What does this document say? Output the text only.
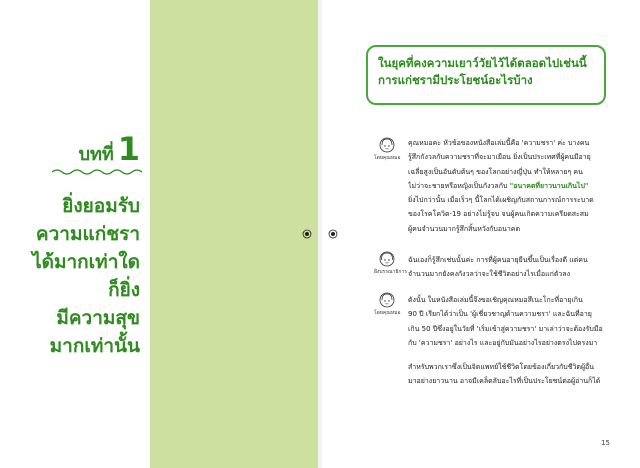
บทที่ 1
ยิ่งยอมรับ
ความแก่ชรา
ได้มากเท่าใด
ก็ยิ่ง
มีความสุข
มากเท่านั้น
ในยุคที่คงความเยาว์วัยไว้ได้ตลอดไปเช่นนี้
การแก่ชรามีประโยชน์อะไรบ้าง
โดยคุณหมอ
คุณหมอคะ หัวข้อของหนังสือเล่มนี้คือ 'ความชรา' ค่ะ บางคน
รู้สึกกังวลกับความชราที่จะมาเยือน ยิ่งเป็นประเทศที่ผู้คนมีอายุ
เฉลี่ยสูงเป็นอันดับต้นๆ ของโลกอย่างญี่ปุ่น ทำให้หลายๆ คน
ไม่ว่าจะชายหรือหญิงเป็นกังวลกับ "อนาคตที่ยาวนานเกินไป"
ยิ่งไปกว่านั้น เมื่อเร็วๆ นี้โลกได้เผชิญกับสถานการณ์การระบาด
ของโรคโควิด-19 อย่างไม่รู้จบ จนผู้คนเกิดความเครียดสะสม
ผู้คนจำนวนมากรู้สึกสิ้นหวังกับอนาคต
ฝั่งบรรณาธิการ
ฉันเองก็รู้สึกเช่นนั้นค่ะ การที่ผู้คนอายุยืนขึ้นเป็นเรื่องดี แต่คน
จำนวนมากยังคงกังวลว่าจะใช้ชีวิตอย่างไรเมื่อแก่ตัวลง
โดยคุณหมอ
ดังนั้น ในหนังสือเล่มนี้จึงขอเชิญคุณหมอสึเนะโกะที่อายุเกิน
90 ปี เรียกได้ว่าเป็น 'ผู้เชี่ยวชาญด้านความชรา' และฉันที่อายุ
เกิน 50 ปีซึ่งอยู่ในวัยที่ 'เริ่มเข้าสู่ความชรา' มาเล่าว่าจะต้องรับมือ
กับ 'ความชรา' อย่างไร และอยู่กับมันอย่างไรอย่างตรงไปตรงมา
สำหรับพวกเราซึ่งเป็นจิตแพทย์ใช้ชีวิตโดยข้องเกี่ยวกับชีวิตผู้อื่น
มาอย่างยาวนาน อาจมีเคล็ดลับอะไรที่เป็นประโยชน์ต่อผู้อ่านก็ได้
15
